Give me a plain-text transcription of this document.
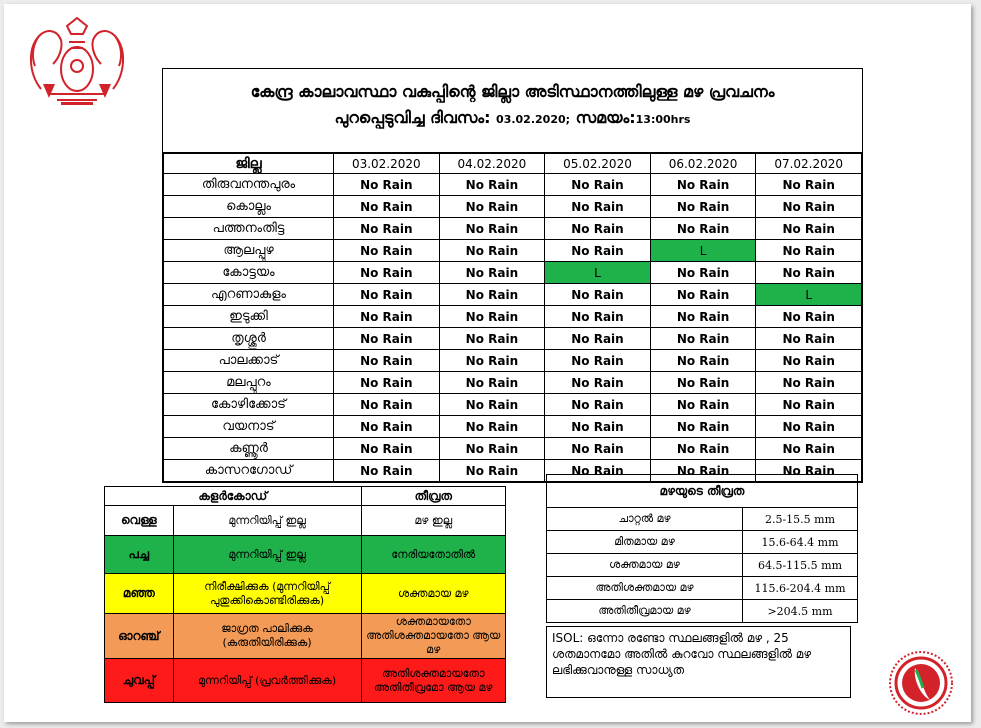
കേന്ദ്ര കാലാവസ്ഥാ വകുപ്പിന്റെ ജില്ലാ അടിസ്ഥാനത്തിലുള്ള മഴ പ്രവചനം
പുറപ്പെടുവിച്ച ദിവസം: 03.02.2020; സമയം:13:00hrs
ജില്ല	03.02.2020	04.02.2020	05.02.2020	06.02.2020	07.02.2020
തിരുവനന്തപുരം	No Rain	No Rain	No Rain	No Rain	No Rain
കൊല്ലം	No Rain	No Rain	No Rain	No Rain	No Rain
പത്തനംതിട്ട	No Rain	No Rain	No Rain	No Rain	No Rain
ആലപ്പുഴ	No Rain	No Rain	No Rain	L	No Rain
കോട്ടയം	No Rain	No Rain	L	No Rain	No Rain
എറണാകുളം	No Rain	No Rain	No Rain	No Rain	L
ഇടുക്കി	No Rain	No Rain	No Rain	No Rain	No Rain
തൃശ്ശൂർ	No Rain	No Rain	No Rain	No Rain	No Rain
പാലക്കാട്	No Rain	No Rain	No Rain	No Rain	No Rain
മലപ്പുറം	No Rain	No Rain	No Rain	No Rain	No Rain
കോഴിക്കോട്	No Rain	No Rain	No Rain	No Rain	No Rain
വയനാട്	No Rain	No Rain	No Rain	No Rain	No Rain
കണ്ണൂർ	No Rain	No Rain	No Rain	No Rain	No Rain
കാസറഗോഡ്	No Rain	No Rain	No Rain	No Rain	No Rain
കളർകോഡ്		തീവ്രത
വെള്ള	മുന്നറിയിപ്പ് ഇല്ല	മഴ ഇല്ല
പച്ച	മുന്നറിയിപ്പ് ഇല്ല	നേരിയതോതിൽ
മഞ്ഞ	നിരീക്ഷിക്കുക (മുന്നറിയിപ്പ് പുതുക്കികൊണ്ടിരിക്കുക)	ശക്തമായ മഴ
ഓറഞ്ച്	ജാഗ്രത പാലിക്കുക (കരുതിയിരിക്കുക)	ശക്തമായതോ അതിശക്തമായതോ ആയ മഴ
ചുവപ്പ്	മുന്നറിയിപ്പ് (പ്രവർത്തിക്കുക)	അതിശക്തമായതോ അതിതീവ്രമോ ആയ മഴ
മഴയുടെ തീവ്രത	
ചാറ്റൽ മഴ	2.5-15.5 mm
മിതമായ മഴ	15.6-64.4 mm
ശക്തമായ മഴ	64.5-115.5 mm
അതിശക്തമായ മഴ	115.6-204.4 mm
അതിതീവ്രമായ മഴ	>204.5 mm
ISOL: ഒന്നോ രണ്ടോ സ്ഥലങ്ങളിൽ മഴ , 25 ശതമാനമോ അതിൽ കുറവോ സ്ഥലങ്ങളിൽ മഴ ലഭിക്കുവാനുള്ള സാധ്യത
